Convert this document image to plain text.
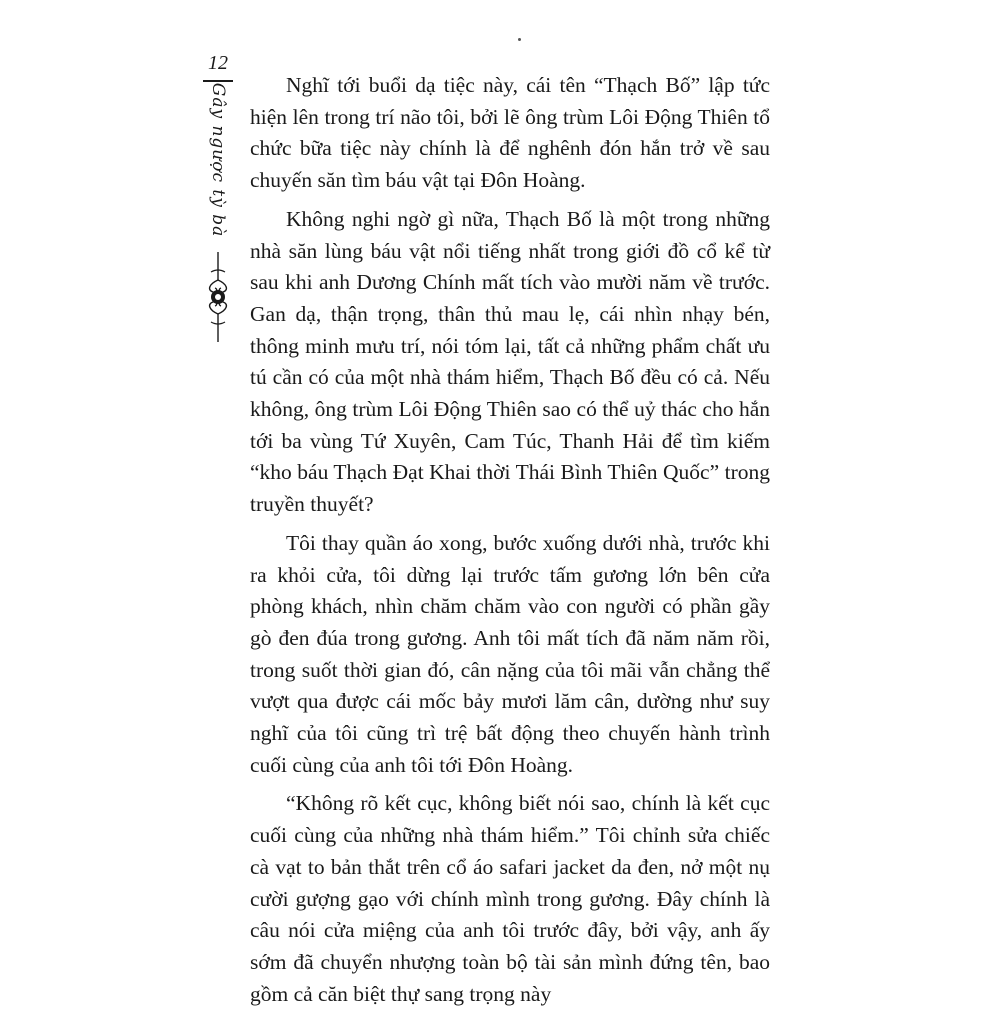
12
Gây ngược tỳ bà	Nghĩ tới buổi dạ tiệc này, cái tên “Thạch Bố” lập tức hiện lên trong trí não tôi, bởi lẽ ông trùm Lôi Động Thiên tổ chức bữa tiệc này chính là để nghênh đón hắn trở về sau chuyến săn tìm báu vật tại Đôn Hoàng.

Không nghi ngờ gì nữa, Thạch Bố là một trong những nhà săn lùng báu vật nổi tiếng nhất trong giới đồ cổ kể từ sau khi anh Dương Chính mất tích vào mười năm về trước. Gan dạ, thận trọng, thân thủ mau lẹ, cái nhìn nhạy bén, thông minh mưu trí, nói tóm lại, tất cả những phẩm chất ưu tú cần có của một nhà thám hiểm, Thạch Bố đều có cả. Nếu không, ông trùm Lôi Động Thiên sao có thể uỷ thác cho hắn tới ba vùng Tứ Xuyên, Cam Túc, Thanh Hải để tìm kiếm “kho báu Thạch Đạt Khai thời Thái Bình Thiên Quốc” trong truyền thuyết?

Tôi thay quần áo xong, bước xuống dưới nhà, trước khi ra khỏi cửa, tôi dừng lại trước tấm gương lớn bên cửa phòng khách, nhìn chăm chăm vào con người có phần gầy gò đen đúa trong gương. Anh tôi mất tích đã năm năm rồi, trong suốt thời gian đó, cân nặng của tôi mãi vẫn chẳng thể vượt qua được cái mốc bảy mươi lăm cân, dường như suy nghĩ của tôi cũng trì trệ bất động theo chuyến hành trình cuối cùng của anh tôi tới Đôn Hoàng.

“Không rõ kết cục, không biết nói sao, chính là kết cục cuối cùng của những nhà thám hiểm.” Tôi chỉnh sửa chiếc cà vạt to bản thắt trên cổ áo safari jacket da đen, nở một nụ cười gượng gạo với chính mình trong gương. Đây chính là câu nói cửa miệng của anh tôi trước đây, bởi vậy, anh ấy sớm đã chuyển nhượng toàn bộ tài sản mình đứng tên, bao gồm cả căn biệt thự sang trọng này
